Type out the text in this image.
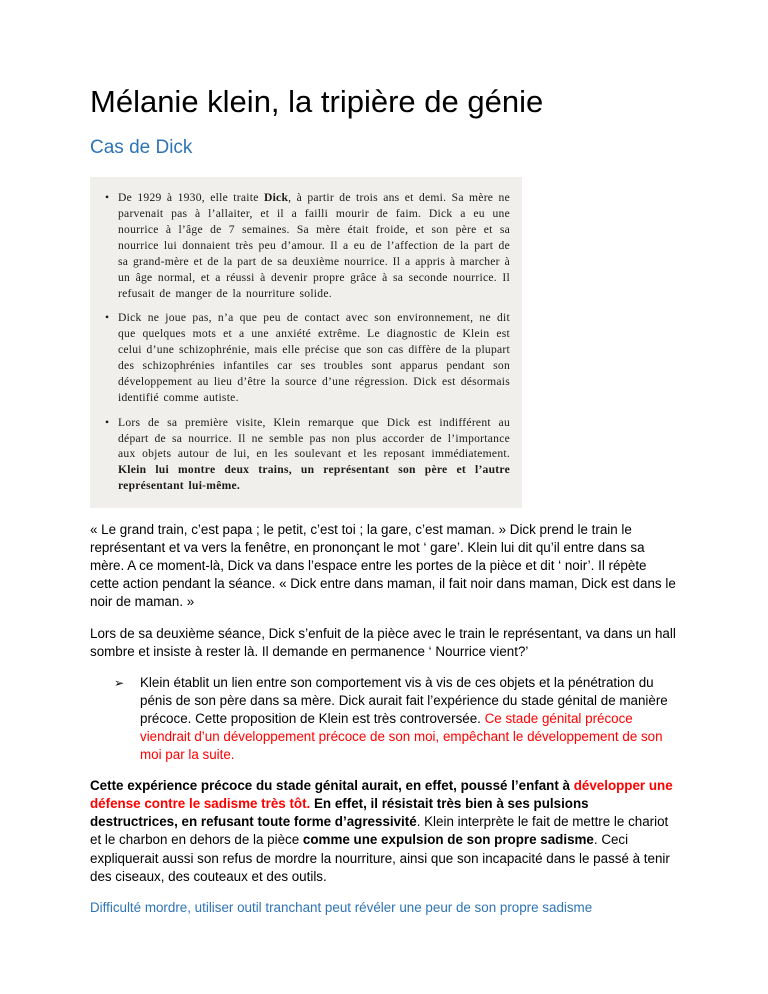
Mélanie klein, la tripière de génie
Cas de Dick
• De 1929 à 1930, elle traite Dick, à partir de trois ans et demi. Sa mère ne parvenait pas à l’allaiter, et il a failli mourir de faim. Dick a eu une nourrice à l’âge de 7 semaines. Sa mère était froide, et son père et sa nourrice lui donnaient très peu d’amour. Il a eu de l’affection de la part de sa grand-mère et de la part de sa deuxième nourrice. Il a appris à marcher à un âge normal, et a réussi à devenir propre grâce à sa seconde nourrice. Il refusait de manger de la nourriture solide.
• Dick ne joue pas, n’a que peu de contact avec son environnement, ne dit que quelques mots et a une anxiété extrême. Le diagnostic de Klein est celui d’une schizophrénie, mais elle précise que son cas diffère de la plupart des schizophrénies infantiles car ses troubles sont apparus pendant son développement au lieu d’être la source d’une régression. Dick est désormais identifié comme autiste.
• Lors de sa première visite, Klein remarque que Dick est indifférent au départ de sa nourrice. Il ne semble pas non plus accorder de l’importance aux objets autour de lui, en les soulevant et les reposant immédiatement. Klein lui montre deux trains, un représentant son père et l’autre représentant lui-même.

« Le grand train, c’est papa ; le petit, c’est toi ; la gare, c’est maman. » Dick prend le train le représentant et va vers la fenêtre, en prononçant le mot ‘ gare’. Klein lui dit qu’il entre dans sa mère. A ce moment-là, Dick va dans l’espace entre les portes de la pièce et dit ‘ noir’. Il répète cette action pendant la séance. « Dick entre dans maman, il fait noir dans maman, Dick est dans le noir de maman. »

Lors de sa deuxième séance, Dick s’enfuit de la pièce avec le train le représentant, va dans un hall sombre et insiste à rester là. Il demande en permanence ‘ Nourrice vient?’

➢	Klein établit un lien entre son comportement vis à vis de ces objets et la pénétration du pénis de son père dans sa mère. Dick aurait fait l’expérience du stade génital de manière précoce. Cette proposition de Klein est très controversée. Ce stade génital précoce viendrait d’un développement précoce de son moi, empêchant le développement de son moi par la suite.

Cette expérience précoce du stade génital aurait, en effet, poussé l’enfant à développer une défense contre le sadisme très tôt. En effet, il résistait très bien à ses pulsions destructrices, en refusant toute forme d’agressivité. Klein interprète le fait de mettre le chariot et le charbon en dehors de la pièce comme une expulsion de son propre sadisme. Ceci expliquerait aussi son refus de mordre la nourriture, ainsi que son incapacité dans le passé à tenir des ciseaux, des couteaux et des outils.

Difficulté mordre, utiliser outil tranchant peut révéler une peur de son propre sadisme
